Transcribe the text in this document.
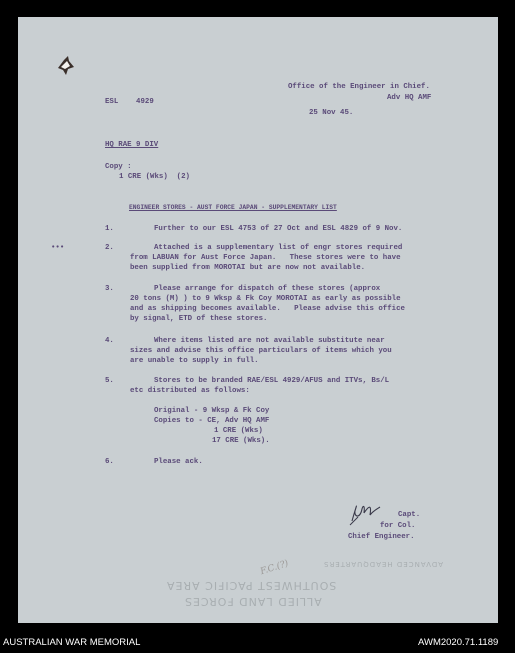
Office of the Engineer in Chief.
Adv HQ AMF
ESL    4929
25 Nov 45.
HQ RAE 9 DIV
Copy :
1 CRE (Wks)  (2)
ENGINEER STORES - AUST FORCE JAPAN - SUPPLEMENTARY LIST
•••
1.	Further to our ESL 4753 of 27 Oct and ESL 4829 of 9 Nov.
2.	Attached is a supplementary list of engr stores required
from LABUAN for Aust Force Japan.   These stores were to have
been supplied from MOROTAI but are now not available.
3.	Please arrange for dispatch of these stores (approx
20 tons (M) ) to 9 Wksp & Fk Coy MOROTAI as early as possible
and as shipping becomes available.   Please advise this office
by signal, ETD of these stores.
4.	Where items listed are not available substitute near
sizes and advise this office particulars of items which you
are unable to supply in full.
5.	Stores to be branded RAE/ESL 4929/AFUS and ITVs, Bs/L
etc distributed as follows:
Original - 9 Wksp & Fk Coy
Copies to - CE, Adv HQ AMF
1 CRE (Wks)
17 CRE (Wks).
6.	Please ack.
Capt.
for Col.
Chief Engineer.
F.C.(?)	ADVANCED HEADQUARTERS
SOUTHWEST PACIFIC AREA
ALLIED LAND FORCES
AUSTRALIAN WAR MEMORIAL	AWM2020.71.1189
